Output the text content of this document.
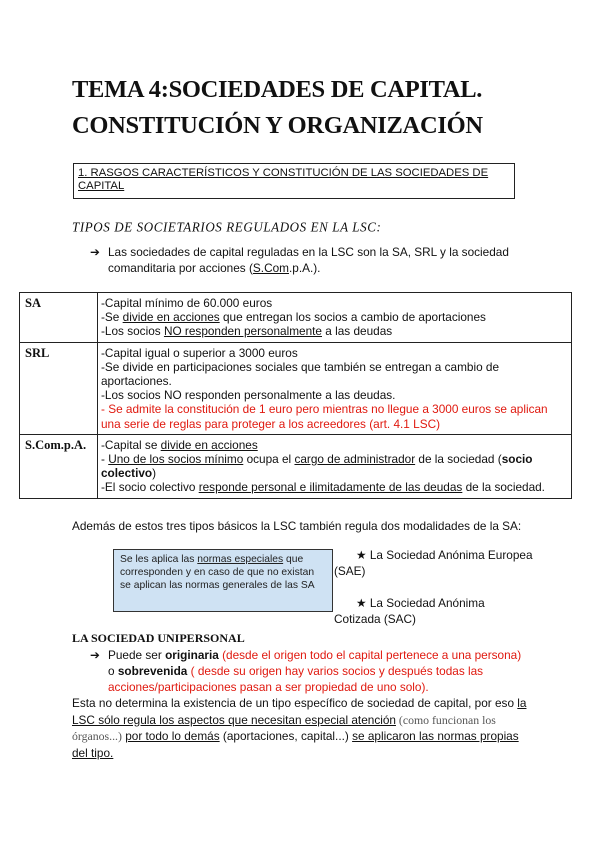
TEMA 4:SOCIEDADES DE CAPITAL.
CONSTITUCIÓN Y ORGANIZACIÓN
1. RASGOS CARACTERÍSTICOS Y CONSTITUCIÓN DE LAS SOCIEDADES DE CAPITAL
TIPOS DE SOCIETARIOS REGULADOS EN LA LSC:
➔ Las sociedades de capital reguladas en la LSC son la SA, SRL y la sociedad comanditaria por acciones (S.Com.p.A.).
SA	-Capital mínimo de 60.000 euros
-Se divide en acciones que entregan los socios a cambio de aportaciones
-Los socios NO responden personalmente a las deudas

SRL	-Capital igual o superior a 3000 euros
-Se divide en participaciones sociales que también se entregan a cambio de aportaciones.
-Los socios NO responden personalmente a las deudas.
- Se admite la constitución de 1 euro pero mientras no llegue a 3000 euros se aplican una serie de reglas para proteger a los acreedores (art. 4.1 LSC)

S.Com.p.A.	-Capital se divide en acciones
- Uno de los socios mínimo ocupa el cargo de administrador de la sociedad (socio colectivo)
-El socio colectivo responde personal e ilimitadamente de las deudas de la sociedad.
Además de estos tres tipos básicos la LSC también regula dos modalidades de la SA:
Se les aplica las normas especiales que corresponden y en caso de que no existan se aplican las normas generales de las SA
★ La Sociedad Anónima Europea (SAE)
★ La Sociedad Anónima Cotizada (SAC)
LA SOCIEDAD UNIPERSONAL
➔ Puede ser originaria (desde el origen todo el capital pertenece a una persona) o sobrevenida ( desde su origen hay varios socios y después todas las acciones/participaciones pasan a ser propiedad de uno solo).
Esta no determina la existencia de un tipo específico de sociedad de capital, por eso la LSC sólo regula los aspectos que necesitan especial atención (como funcionan los órganos...) por todo lo demás (aportaciones, capital...) se aplicaron las normas propias del tipo.
